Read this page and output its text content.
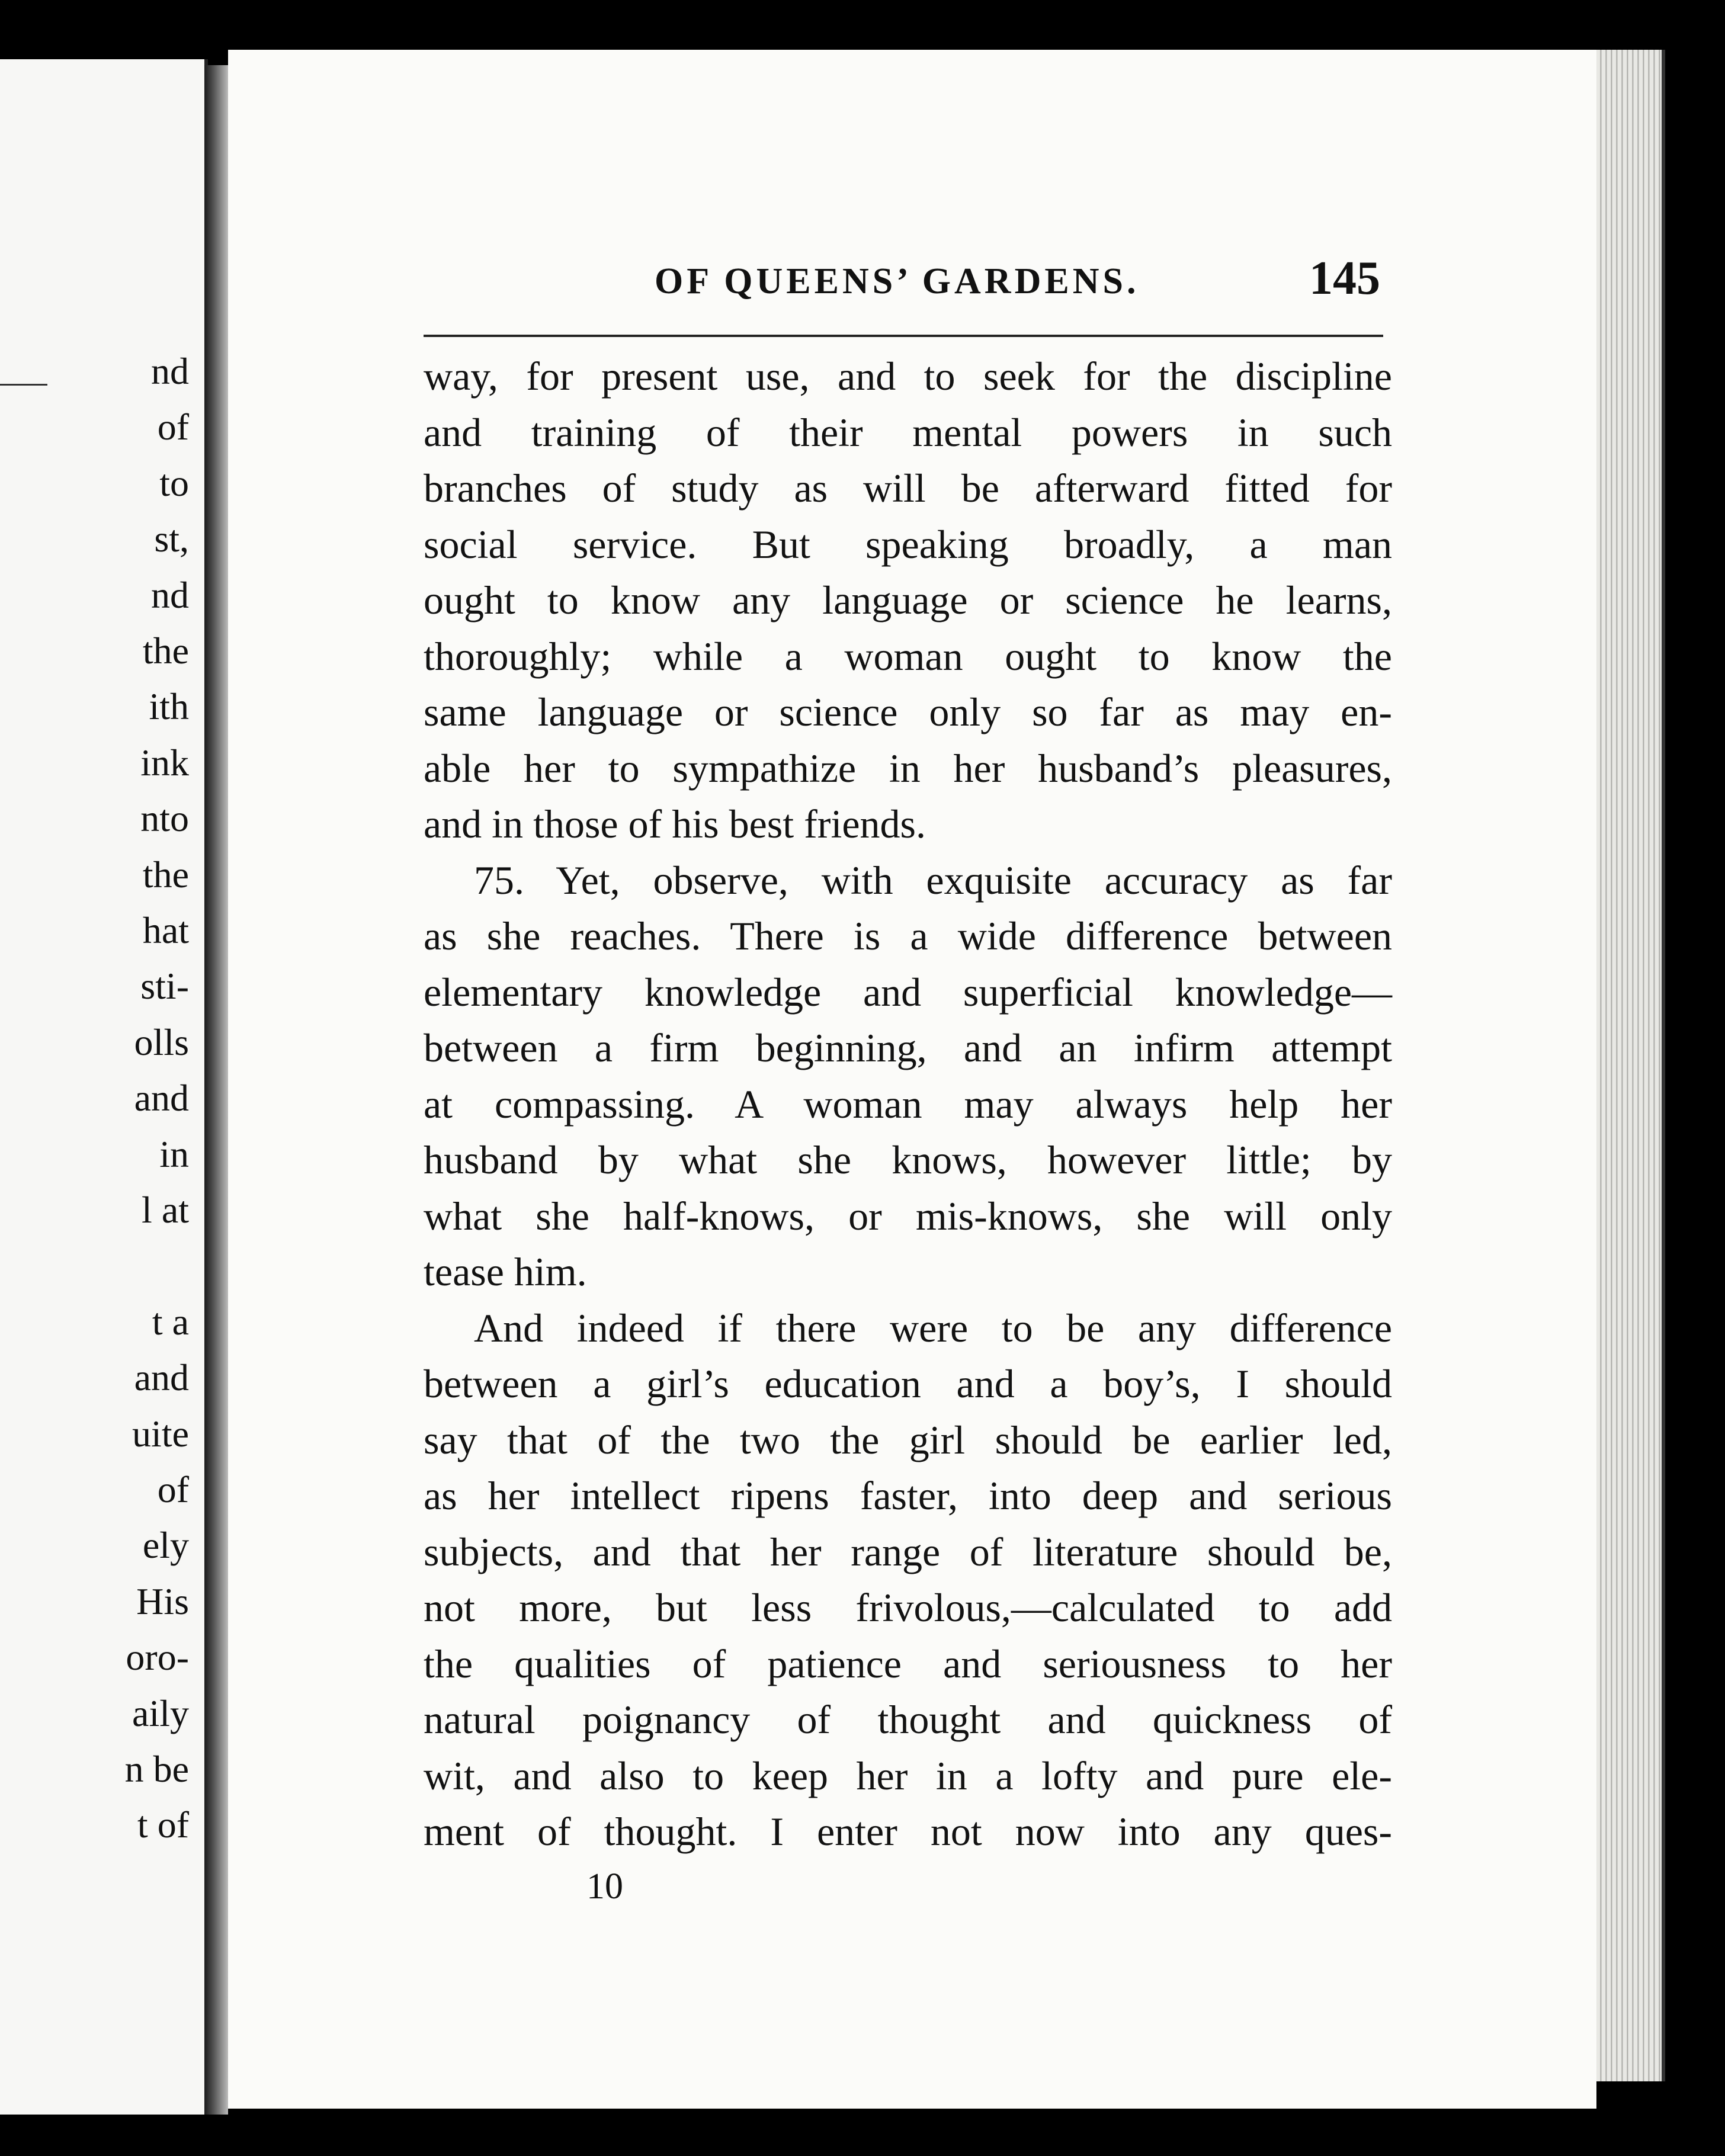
nd
of
to
st,
nd
the
ith
ink
nto
the
hat
sti-
olls
and
in
l at
t a
and
uite
of
ely
His
oro-
aily
n be
t of
OF QUEENS’ GARDENS.	145
way, for present use, and to seek for the discipline
and training of their mental powers in such
branches of study as will be afterward fitted for
social service. But speaking broadly, a man
ought to know any language or science he learns,
thoroughly; while a woman ought to know the
same language or science only so far as may en-
able her to sympathize in her husband’s pleasures,
and in those of his best friends.
75. Yet, observe, with exquisite accuracy as far
as she reaches. There is a wide difference between
elementary knowledge and superficial knowledge—
between a firm beginning, and an infirm attempt
at compassing. A woman may always help her
husband by what she knows, however little; by
what she half-knows, or mis-knows, she will only
tease him.
And indeed if there were to be any difference
between a girl’s education and a boy’s, I should
say that of the two the girl should be earlier led,
as her intellect ripens faster, into deep and serious
subjects, and that her range of literature should be,
not more, but less frivolous,—calculated to add
the qualities of patience and seriousness to her
natural poignancy of thought and quickness of
wit, and also to keep her in a lofty and pure ele-
ment of thought. I enter not now into any ques-
10
